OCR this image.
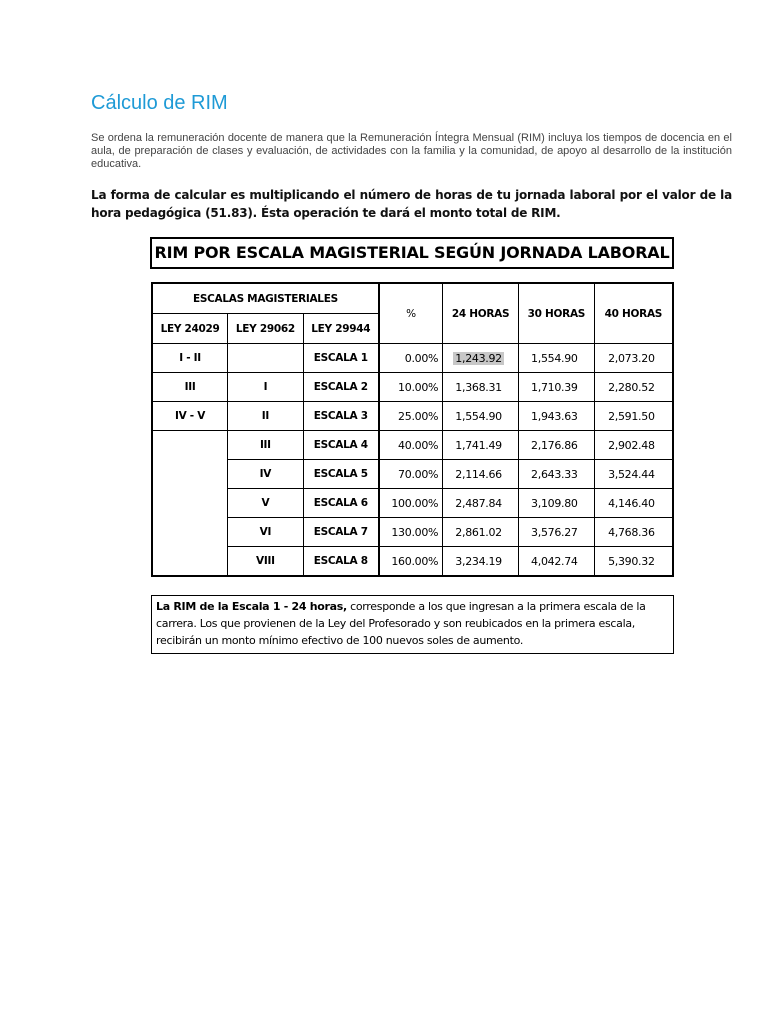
Cálculo de RIM

Se ordena la remuneración docente de manera que la Remuneración Íntegra Mensual (RIM) incluya los tiempos de docencia en el aula, de preparación de clases y evaluación, de actividades con la familia y la comunidad, de apoyo al desarrollo de la institución educativa.

La forma de calcular es multiplicando el número de horas de tu jornada laboral por el valor de la hora pedagógica (51.83). Ésta operación te dará el monto total de RIM.

RIM POR ESCALA MAGISTERIAL SEGÚN JORNADA LABORAL
ESCALAS MAGISTERIALES			%	24 HORAS	30 HORAS	40 HORAS
LEY 24029	LEY 29062	LEY 29944				
I - II		ESCALA 1	0.00%	1,243.92	1,554.90	2,073.20
III	I	ESCALA 2	10.00%	1,368.31	1,710.39	2,280.52
IV - V	II	ESCALA 3	25.00%	1,554.90	1,943.63	2,591.50
	III	ESCALA 4	40.00%	1,741.49	2,176.86	2,902.48
	IV	ESCALA 5	70.00%	2,114.66	2,643.33	3,524.44
	V	ESCALA 6	100.00%	2,487.84	3,109.80	4,146.40
	VI	ESCALA 7	130.00%	2,861.02	3,576.27	4,768.36
	VIII	ESCALA 8	160.00%	3,234.19	4,042.74	5,390.32

La RIM de la Escala 1 - 24 horas, corresponde a los que ingresan a la primera escala de la carrera. Los que provienen de la Ley del Profesorado y son reubicados en la primera escala, recibirán un monto mínimo efectivo de 100 nuevos soles de aumento.
